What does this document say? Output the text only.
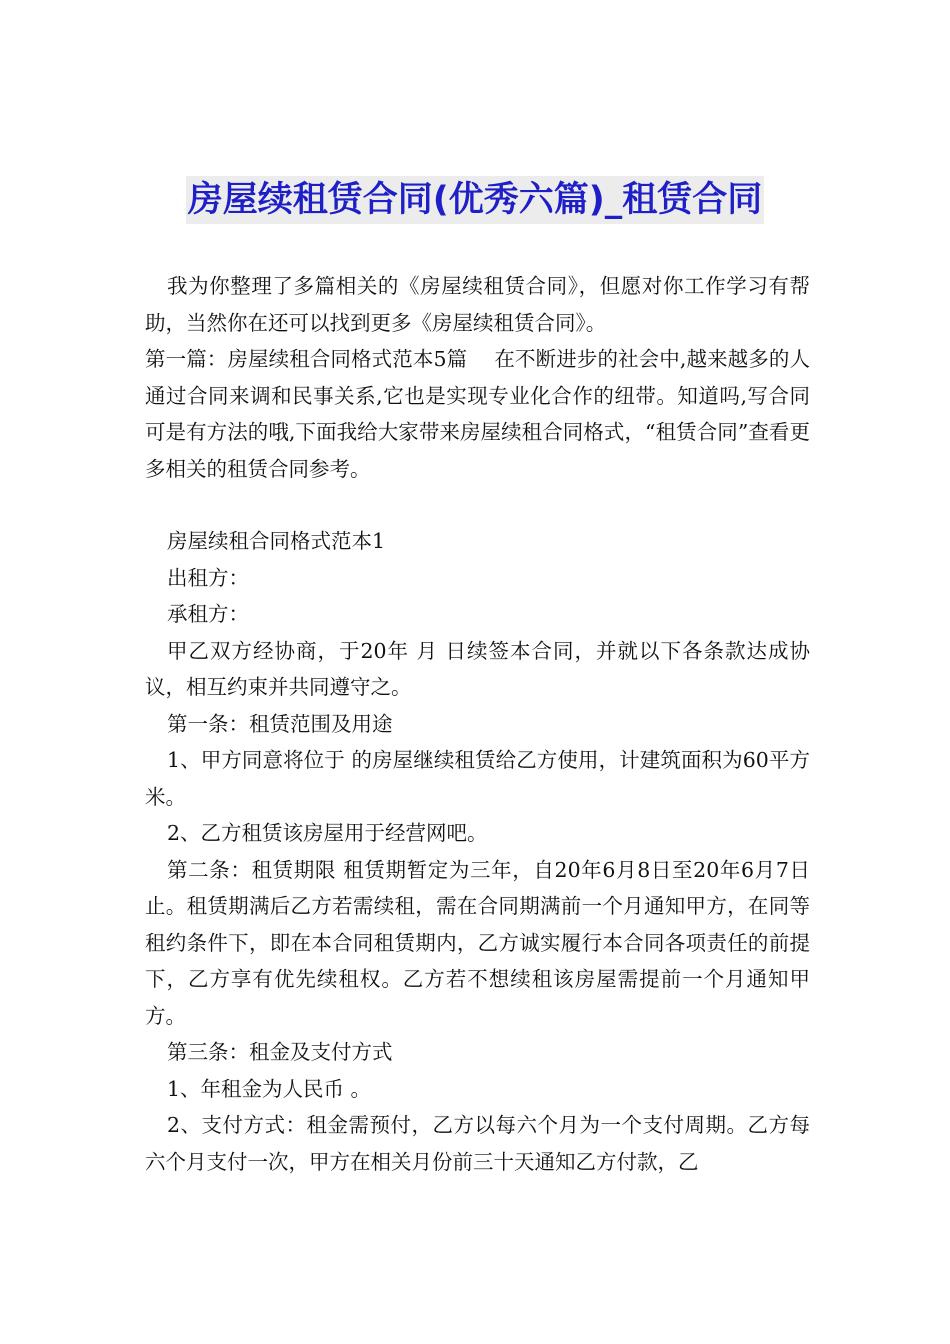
房屋续租赁合同(优秀六篇)_租赁合同

我为你整理了多篇相关的《房屋续租赁合同》，但愿对你工作学习有帮助，当然你在还可以找到更多《房屋续租赁合同》。

第一篇：房屋续租合同格式范本5篇　 在不断进步的社会中,越来越多的人通过合同来调和民事关系,它也是实现专业化合作的纽带。知道吗,写合同可是有方法的哦,下面我给大家带来房屋续租合同格式，“租赁合同”查看更多相关的租赁合同参考。

房屋续租合同格式范本1

出租方：

承租方：

甲乙双方经协商，于20年 月 日续签本合同，并就以下各条款达成协议，相互约束并共同遵守之。

第一条：租赁范围及用途

1、甲方同意将位于 的房屋继续租赁给乙方使用，计建筑面积为60平方米。

2、乙方租赁该房屋用于经营网吧。

第二条：租赁期限 租赁期暂定为三年，自20年6月8日至20年6月7日止。租赁期满后乙方若需续租，需在合同期满前一个月通知甲方，在同等租约条件下，即在本合同租赁期内，乙方诚实履行本合同各项责任的前提下，乙方享有优先续租权。乙方若不想续租该房屋需提前一个月通知甲方。

第三条：租金及支付方式

1、年租金为人民币 。

2、支付方式：租金需预付，乙方以每六个月为一个支付周期。乙方每六个月支付一次，甲方在相关月份前三十天通知乙方付款，乙
